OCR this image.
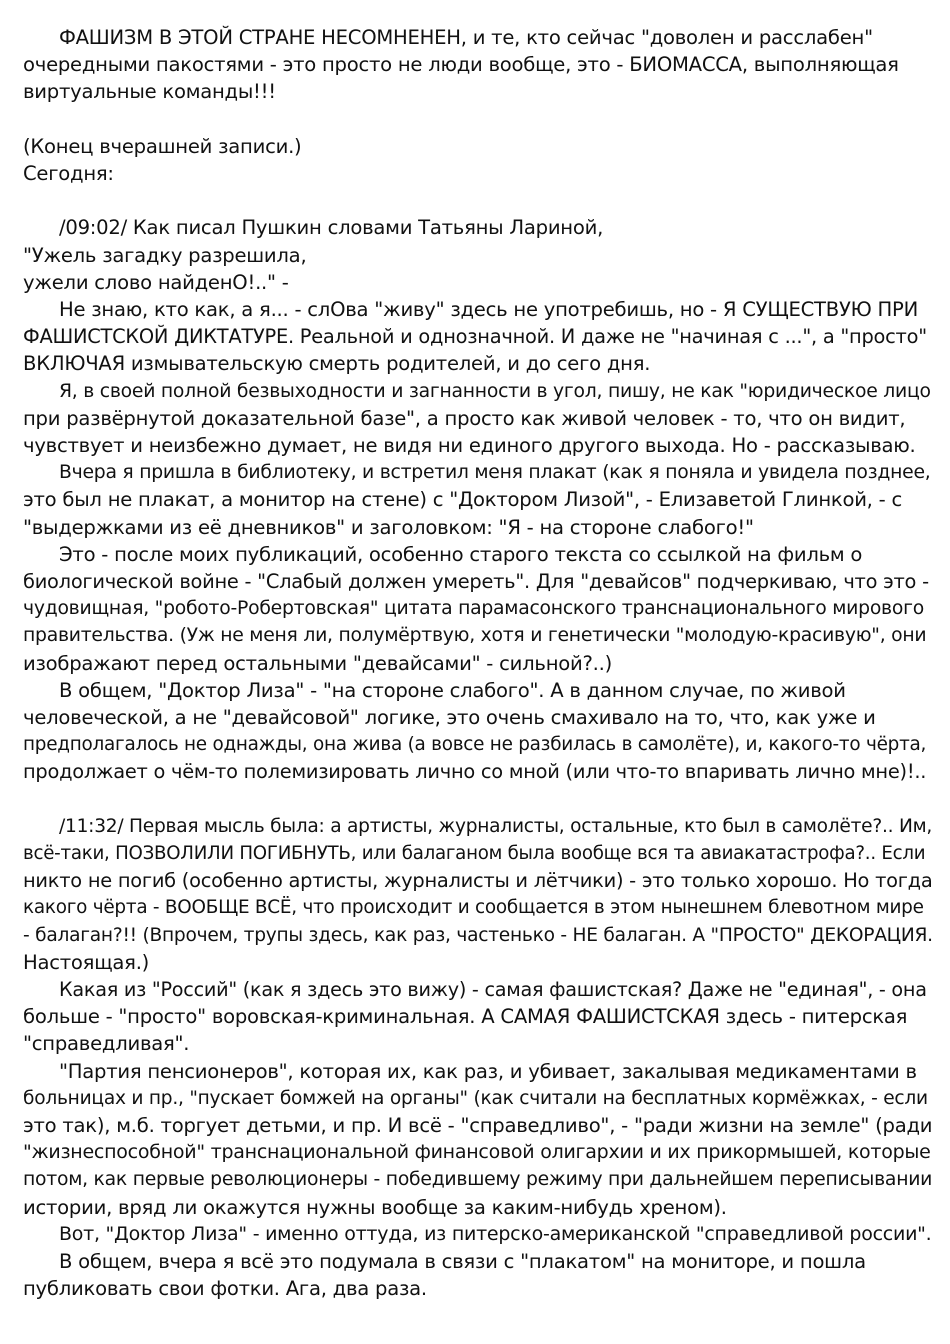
ФАШИЗМ В ЭТОЙ СТРАНЕ НЕСОМНЕНЕН, и те, кто сейчас "доволен и расслабен"
очередными пакостями - это просто не люди вообще, это - БИОМАССА, выполняющая
виртуальные команды!!!
(Конец вчерашней записи.)
Сегодня:
/09:02/ Как писал Пушкин словами Татьяны Лариной,
"Ужель загадку разрешила,
ужели слово найденО!.." -
Не знаю, кто как, а я... - слОва "живу" здесь не употребишь, но - Я СУЩЕСТВУЮ ПРИ
ФАШИСТСКОЙ ДИКТАТУРЕ. Реальной и однозначной. И даже не "начиная с ...", а "просто"
ВКЛЮЧАЯ измывательскую смерть родителей, и до сего дня.
Я, в своей полной безвыходности и загнанности в угол, пишу, не как "юридическое лицо
при развёрнутой доказательной базе", а просто как живой человек - то, что он видит,
чувствует и неизбежно думает, не видя ни единого другого выхода. Но - рассказываю.
Вчера я пришла в библиотеку, и встретил меня плакат (как я поняла и увидела позднее,
это был не плакат, а монитор на стене) с "Доктором Лизой", - Елизаветой Глинкой, - с
"выдержками из её дневников" и заголовком: "Я - на стороне слабого!"
Это - после моих публикаций, особенно старого текста со ссылкой на фильм о
биологической войне - "Слабый должен умереть". Для "девайсов" подчеркиваю, что это -
чудовищная, "робото-Робертовская" цитата парамасонского транснационального мирового
правительства. (Уж не меня ли, полумёртвую, хотя и генетически "молодую-красивую", они
изображают перед остальными "девайсами" - сильной?..)
В общем, "Доктор Лиза" - "на стороне слабого". А в данном случае, по живой
человеческой, а не "девайсовой" логике, это очень смахивало на то, что, как уже и
предполагалось не однажды, она жива (а вовсе не разбилась в самолёте), и, какого-то чёрта,
продолжает о чём-то полемизировать лично со мной (или что-то впаривать лично мне)!..
/11:32/ Первая мысль была: а артисты, журналисты, остальные, кто был в самолёте?.. Им,
всё-таки, ПОЗВОЛИЛИ ПОГИБНУТЬ, или балаганом была вообще вся та авиакатастрофа?.. Если
никто не погиб (особенно артисты, журналисты и лётчики) - это только хорошо. Но тогда
какого чёрта - ВООБЩЕ ВСЁ, что происходит и сообщается в этом нынешнем блевотном мире
- балаган?!! (Впрочем, трупы здесь, как раз, частенько - НЕ балаган. А "ПРОСТО" ДЕКОРАЦИЯ.
Настоящая.)
Какая из "Россий" (как я здесь это вижу) - самая фашистская? Даже не "единая", - она
больше - "просто" воровская-криминальная. А САМАЯ ФАШИСТСКАЯ здесь - питерская
"справедливая".
"Партия пенсионеров", которая их, как раз, и убивает, закалывая медикаментами в
больницах и пр., "пускает бомжей на органы" (как считали на бесплатных кормёжках, - если
это так), м.б. торгует детьми, и пр. И всё - "справедливо", - "ради жизни на земле" (ради
"жизнеспособной" транснациональной финансовой олигархии и их прикормышей, которые
потом, как первые революционеры - победившему режиму при дальнейшем переписывании
истории, вряд ли окажутся нужны вообще за каким-нибудь хреном).
Вот, "Доктор Лиза" - именно оттуда, из питерско-американской "справедливой россии".
В общем, вчера я всё это подумала в связи с "плакатом" на мониторе, и пошла
публиковать свои фотки. Ага, два раза.
